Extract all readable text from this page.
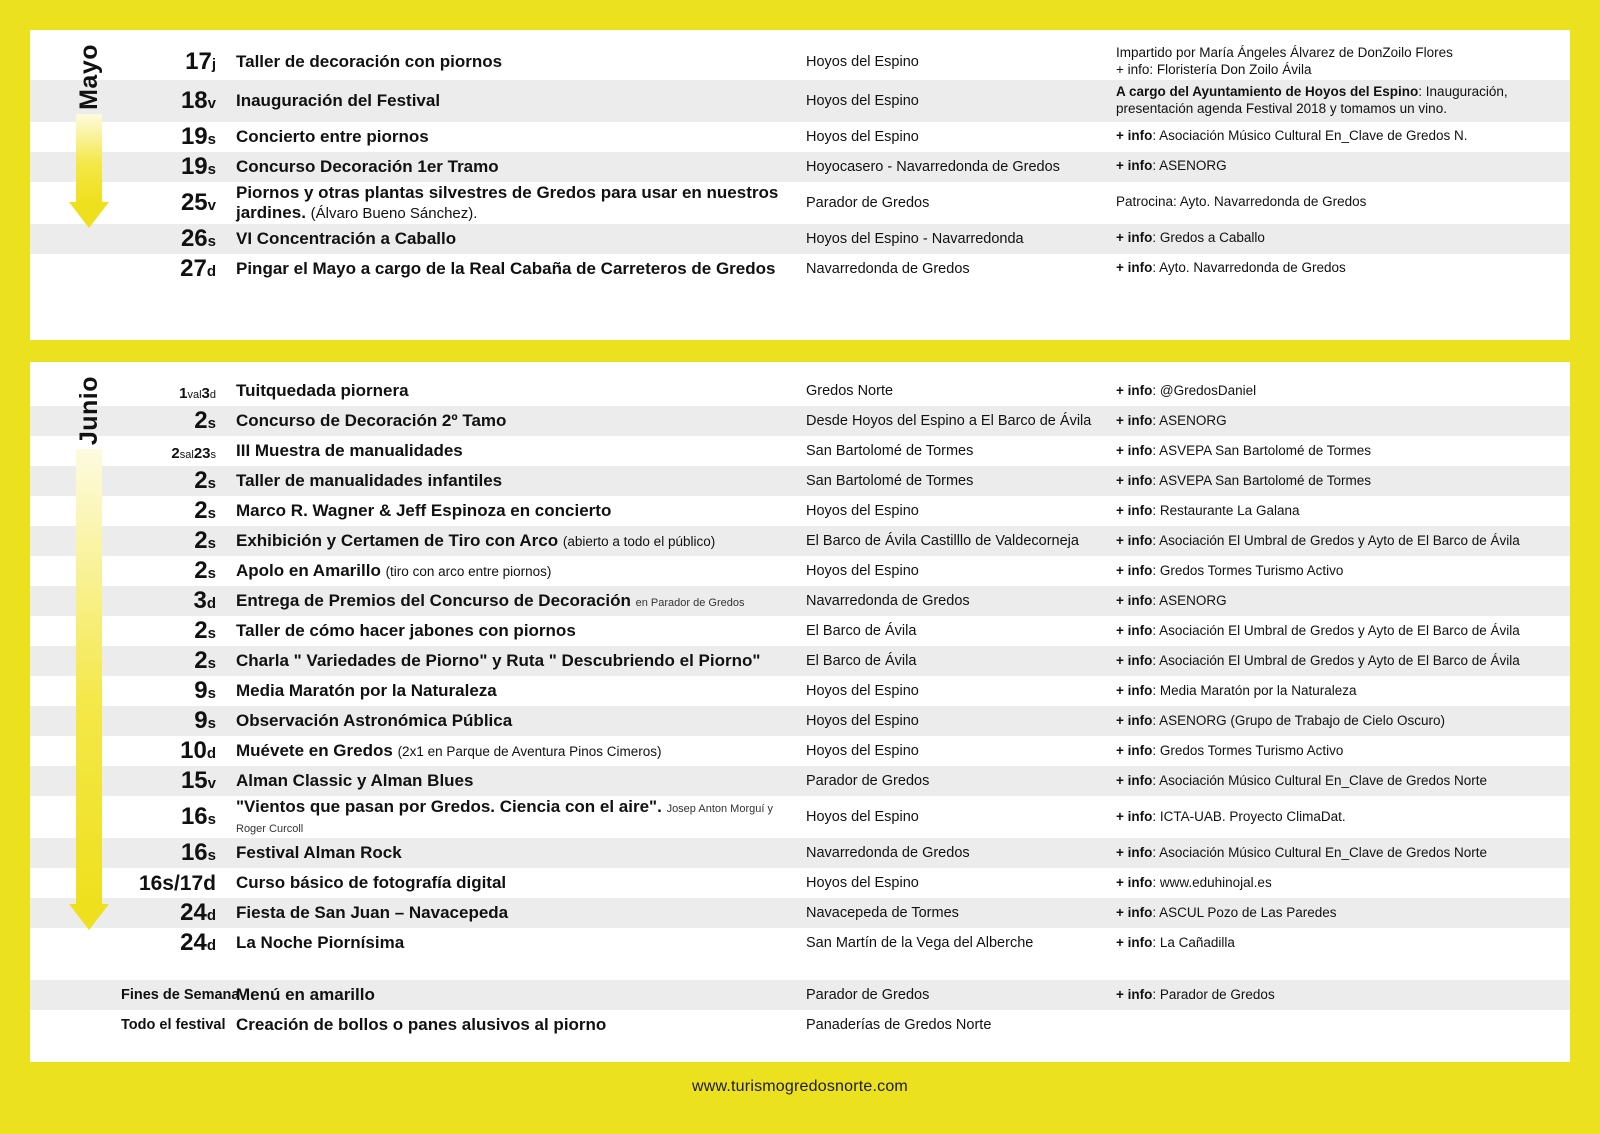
Mayo
		17j	Taller de decoración con piornos	Hoyos del Espino	Impartido por María Ángeles Álvarez de DonZoilo Flores
+ info: Floristería Don Zoilo Ávila

	18v	Inauguración del Festival	Hoyos del Espino	A cargo del Ayuntamiento de Hoyos del Espino: Inauguración,
presentación agenda Festival 2018 y tomamos un vino.

	19s	Concierto entre piornos	Hoyos del Espino	+ info: Asociación Músico Cultural En_Clave de Gredos N.

	19s	Concurso Decoración 1er Tramo	Hoyocasero - Navarredonda de Gredos	+ info: ASENORG

	25v	Piornos y otras plantas silvestres de Gredos para usar en nuestros jardines. (Álvaro Bueno Sánchez).	Parador de Gredos	Patrocina: Ayto. Navarredonda de Gredos

	26s	VI Concentración a Caballo	Hoyos del Espino - Navarredonda	+ info: Gredos a Caballo

	27d	Pingar el Mayo a cargo de la Real Cabaña de Carreteros de Gredos	Navarredonda de Gredos	+ info: Ayto. Navarredonda de Gredos
Junio
		1val3d	Tuitquedada piornera	Gredos Norte	+ info: @GredosDaniel

	2s	Concurso de Decoración 2º Tamo	Desde Hoyos del Espino a El Barco de Ávila	+ info: ASENORG

	2sal23s	III Muestra de manualidades	San Bartolomé de Tormes	+ info: ASVEPA San Bartolomé de Tormes

	2s	Taller de manualidades infantiles	San Bartolomé de Tormes	+ info: ASVEPA San Bartolomé de Tormes

	2s	Marco R. Wagner & Jeff Espinoza en concierto	Hoyos del Espino	+ info: Restaurante La Galana

	2s	Exhibición y Certamen de Tiro con Arco (abierto a todo el público)	El Barco de Ávila Castilllo de Valdecorneja	+ info: Asociación El Umbral de Gredos y Ayto de El Barco de Ávila

	2s	Apolo en Amarillo (tiro con arco entre piornos)	Hoyos del Espino	+ info: Gredos Tormes Turismo Activo

	3d	Entrega de Premios del Concurso de Decoración en Parador de Gredos	Navarredonda de Gredos	+ info: ASENORG

	2s	Taller de cómo hacer jabones con piornos	El Barco de Ávila	+ info: Asociación El Umbral de Gredos y Ayto de El Barco de Ávila

	2s	Charla " Variedades de Piorno" y Ruta " Descubriendo el Piorno"	El Barco de Ávila	+ info: Asociación El Umbral de Gredos y Ayto de El Barco de Ávila

	9s	Media Maratón por la Naturaleza	Hoyos del Espino	+ info: Media Maratón por la Naturaleza

	9s	Observación Astronómica Pública	Hoyos del Espino	+ info: ASENORG (Grupo de Trabajo de Cielo Oscuro)

	10d	Muévete en Gredos (2x1 en Parque de Aventura Pinos Cimeros)	Hoyos del Espino	+ info: Gredos Tormes Turismo Activo

	15v	Alman Classic y Alman Blues	Parador de Gredos	+ info: Asociación Músico Cultural En_Clave de Gredos Norte

	16s	"Vientos que pasan por Gredos. Ciencia con el aire". Josep Anton Morguí y Roger Curcoll	Hoyos del Espino	+ info: ICTA-UAB. Proyecto ClimaDat.

	16s	Festival Alman Rock	Navarredonda de Gredos	+ info: Asociación Músico Cultural En_Clave de Gredos Norte

	16s/17d	Curso básico de fotografía digital	Hoyos del Espino	+ info: www.eduhinojal.es

	24d	Fiesta de San Juan – Navacepeda	Navacepeda de Tormes	+ info: ASCUL Pozo de Las Paredes

	24d	La Noche Piornísima	San Martín de la Vega del Alberche	+ info: La Cañadilla

	Fines de Semana	Menú en amarillo	Parador de Gredos	+ info: Parador de Gredos

	Todo el festival	Creación de bollos o panes alusivos al piorno	Panaderías de Gredos Norte	
www.turismogredosnorte.com
